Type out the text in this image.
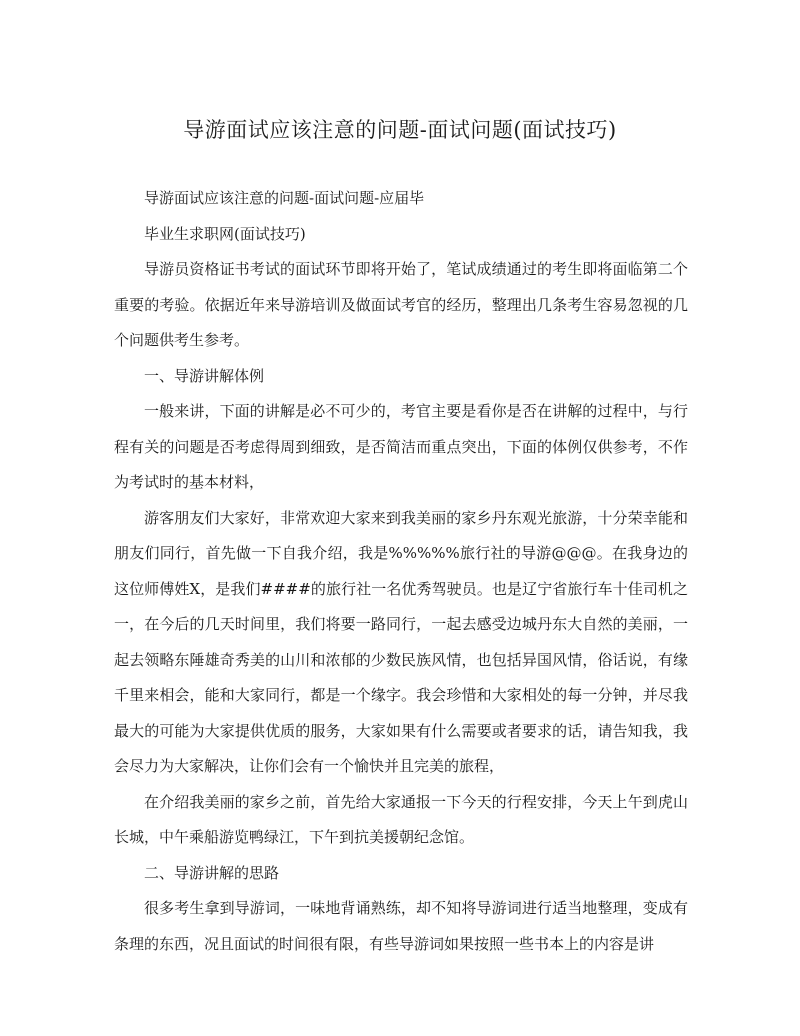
导游面试应该注意的问题-面试问题(面试技巧)

导游面试应该注意的问题-面试问题-应届毕

毕业生求职网(面试技巧)

导游员资格证书考试的面试环节即将开始了，笔试成绩通过的考生即将面临第二个重要的考验。依据近年来导游培训及做面试考官的经历，整理出几条考生容易忽视的几个问题供考生参考。

一、导游讲解体例

一般来讲，下面的讲解是必不可少的，考官主要是看你是否在讲解的过程中，与行程有关的问题是否考虑得周到细致，是否简洁而重点突出，下面的体例仅供参考，不作为考试时的基本材料，

游客朋友们大家好，非常欢迎大家来到我美丽的家乡丹东观光旅游，十分荣幸能和朋友们同行，首先做一下自我介绍，我是%%%%%旅行社的导游@@@。在我身边的这位师傅姓X，是我们####的旅行社一名优秀驾驶员。也是辽宁省旅行车十佳司机之一，在今后的几天时间里，我们将要一路同行，一起去感受边城丹东大自然的美丽，一起去领略东陲雄奇秀美的山川和浓郁的少数民族风情，也包括异国风情，俗话说，有缘千里来相会，能和大家同行，都是一个缘字。我会珍惜和大家相处的每一分钟，并尽我最大的可能为大家提供优质的服务，大家如果有什么需要或者要求的话，请告知我，我会尽力为大家解决，让你们会有一个愉快并且完美的旅程，

在介绍我美丽的家乡之前，首先给大家通报一下今天的行程安排，今天上午到虎山长城，中午乘船游览鸭绿江，下午到抗美援朝纪念馆。

二、导游讲解的思路

很多考生拿到导游词，一味地背诵熟练，却不知将导游词进行适当地整理，变成有条理的东西，况且面试的时间很有限，有些导游词如果按照一些书本上的内容是讲
